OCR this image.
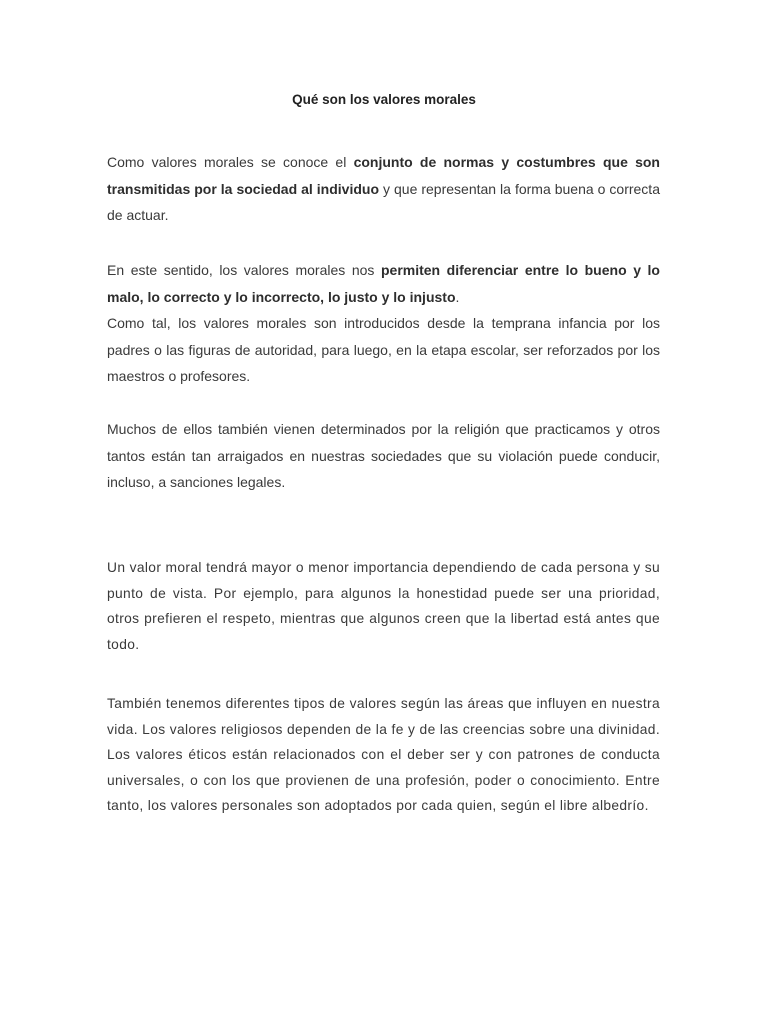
Qué son los valores morales

Como valores morales se conoce el conjunto de normas y costumbres que son transmitidas por la sociedad al individuo y que representan la forma buena o correcta de actuar.

En este sentido, los valores morales nos permiten diferenciar entre lo bueno y lo malo, lo correcto y lo incorrecto, lo justo y lo injusto.

Como tal, los valores morales son introducidos desde la temprana infancia por los padres o las figuras de autoridad, para luego, en la etapa escolar, ser reforzados por los maestros o profesores.

Muchos de ellos también vienen determinados por la religión que practicamos y otros tantos están tan arraigados en nuestras sociedades que su violación puede conducir, incluso, a sanciones legales.

Un valor moral tendrá mayor o menor importancia dependiendo de cada persona y su punto de vista. Por ejemplo, para algunos la honestidad puede ser una prioridad, otros prefieren el respeto, mientras que algunos creen que la libertad está antes que todo.

También tenemos diferentes tipos de valores según las áreas que influyen en nuestra vida. Los valores religiosos dependen de la fe y de las creencias sobre una divinidad. Los valores éticos están relacionados con el deber ser y con patrones de conducta universales, o con los que provienen de una profesión, poder o conocimiento. Entre tanto, los valores personales son adoptados por cada quien, según el libre albedrío.
